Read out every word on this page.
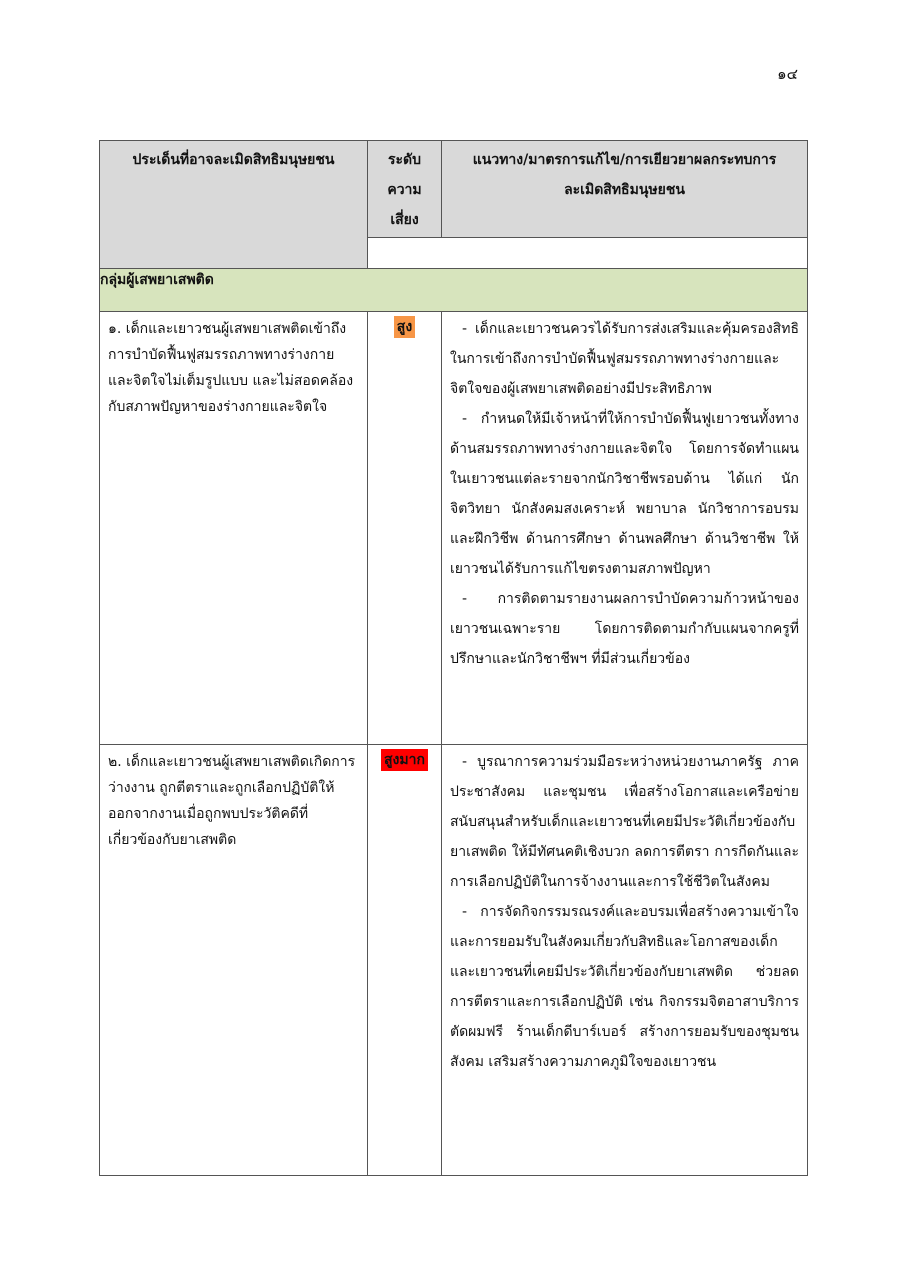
๑๔
ประเด็นที่อาจละเมิดสิทธิมนุษยชน	ระดับ ความ เสี่ยง	แนวทาง/มาตรการแก้ไข/การเยียวยาผลกระทบการละเมิดสิทธิมนุษยชน

กลุ่มผู้เสพยาเสพติด		

๑. เด็กและเยาวชนผู้เสพยาเสพติดเข้าถึงการบำบัดฟื้นฟูสมรรถภาพทางร่างกายและจิตใจไม่เต็มรูปแบบ และไม่สอดคล้องกับสภาพปัญหาของร่างกายและจิตใจ	สูง	- เด็กและเยาวชนควรได้รับการส่งเสริมและคุ้มครองสิทธิในการเข้าถึงการบำบัดฟื้นฟูสมรรถภาพทางร่างกายและจิตใจของผู้เสพยาเสพติดอย่างมีประสิทธิภาพ
- กำหนดให้มีเจ้าหน้าที่ให้การบำบัดฟื้นฟูเยาวชนทั้งทางด้านสมรรถภาพทางร่างกายและจิตใจ โดยการจัดทำแผนในเยาวชนแต่ละรายจากนักวิชาชีพรอบด้าน ได้แก่ นักจิตวิทยา นักสังคมสงเคราะห์ พยาบาล นักวิชาการอบรมและฝึกวิชีพ ด้านการศึกษา ด้านพลศึกษา ด้านวิชาชีพ ให้เยาวชนได้รับการแก้ไขตรงตามสภาพปัญหา
- การติดตามรายงานผลการบำบัดความก้าวหน้าของเยาวชนเฉพาะราย โดยการติดตามกำกับแผนจากครูที่ปรึกษาและนักวิชาชีพฯ ที่มีส่วนเกี่ยวข้อง

๒. เด็กและเยาวชนผู้เสพยาเสพติดเกิดการว่างงาน ถูกตีตราและถูกเลือกปฏิบัติให้ออกจากงานเมื่อถูกพบประวัติคดีที่เกี่ยวข้องกับยาเสพติด	สูงมาก	- บูรณาการความร่วมมือระหว่างหน่วยงานภาครัฐ ภาคประชาสังคม และชุมชน เพื่อสร้างโอกาสและเครือข่ายสนับสนุนสำหรับเด็กและเยาวชนที่เคยมีประวัติเกี่ยวข้องกับยาเสพติด ให้มีทัศนคติเชิงบวก ลดการตีตรา การกีดกันและการเลือกปฏิบัติในการจ้างงานและการใช้ชีวิตในสังคม
- การจัดกิจกรรมรณรงค์และอบรมเพื่อสร้างความเข้าใจและการยอมรับในสังคมเกี่ยวกับสิทธิและโอกาสของเด็กและเยาวชนที่เคยมีประวัติเกี่ยวข้องกับยาเสพติด ช่วยลดการตีตราและการเลือกปฏิบัติ เช่น กิจกรรมจิตอาสาบริการตัดผมฟรี ร้านเด็กดีบาร์เบอร์ สร้างการยอมรับของชุมชน สังคม เสริมสร้างความภาคภูมิใจของเยาวชน
